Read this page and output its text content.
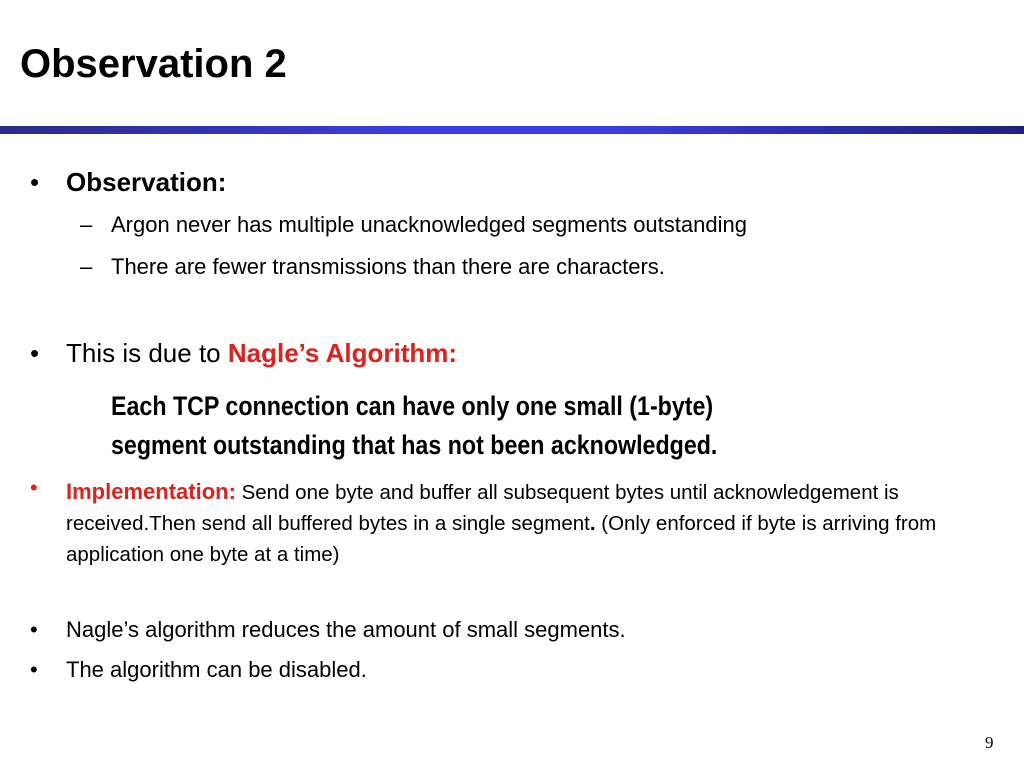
Observation 2
•	Observation:
– Argon never has multiple unacknowledged segments outstanding
– There are fewer transmissions than there are characters.
•	This is due to Nagle’s Algorithm:
Each TCP connection can have only one small (1-byte)
segment outstanding that has not been acknowledged.
•	Implementation: Send one byte and buffer all subsequent bytes until acknowledgement is received.Then send all buffered bytes in a single segment. (Only enforced if byte is arriving from application one byte at a time)
•	Nagle’s algorithm reduces the amount of small segments.
•	The algorithm can be disabled.
9
